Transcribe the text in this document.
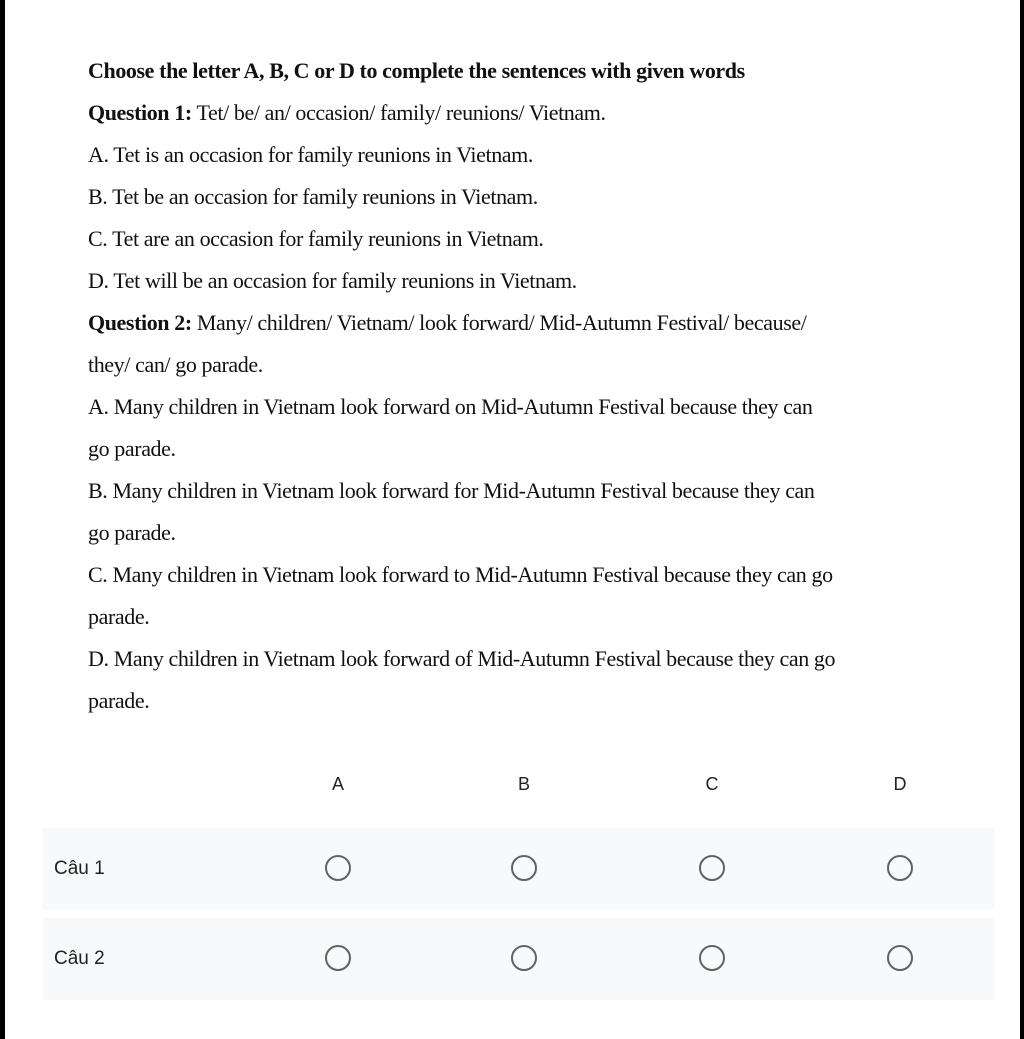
Choose the letter A, B, C or D to complete the sentences with given words
Question 1: Tet/ be/ an/ occasion/ family/ reunions/ Vietnam.
A. Tet is an occasion for family reunions in Vietnam.
B. Tet be an occasion for family reunions in Vietnam.
C. Tet are an occasion for family reunions in Vietnam.
D. Tet will be an occasion for family reunions in Vietnam.
Question 2: Many/ children/ Vietnam/ look forward/ Mid-Autumn Festival/ because/
they/ can/ go parade.
A. Many children in Vietnam look forward on Mid-Autumn Festival because they can
go parade.
B. Many children in Vietnam look forward for Mid-Autumn Festival because they can
go parade.
C. Many children in Vietnam look forward to Mid-Autumn Festival because they can go
parade.
D. Many children in Vietnam look forward of Mid-Autumn Festival because they can go
parade.
A	B	C	D
Câu 1
Câu 2
